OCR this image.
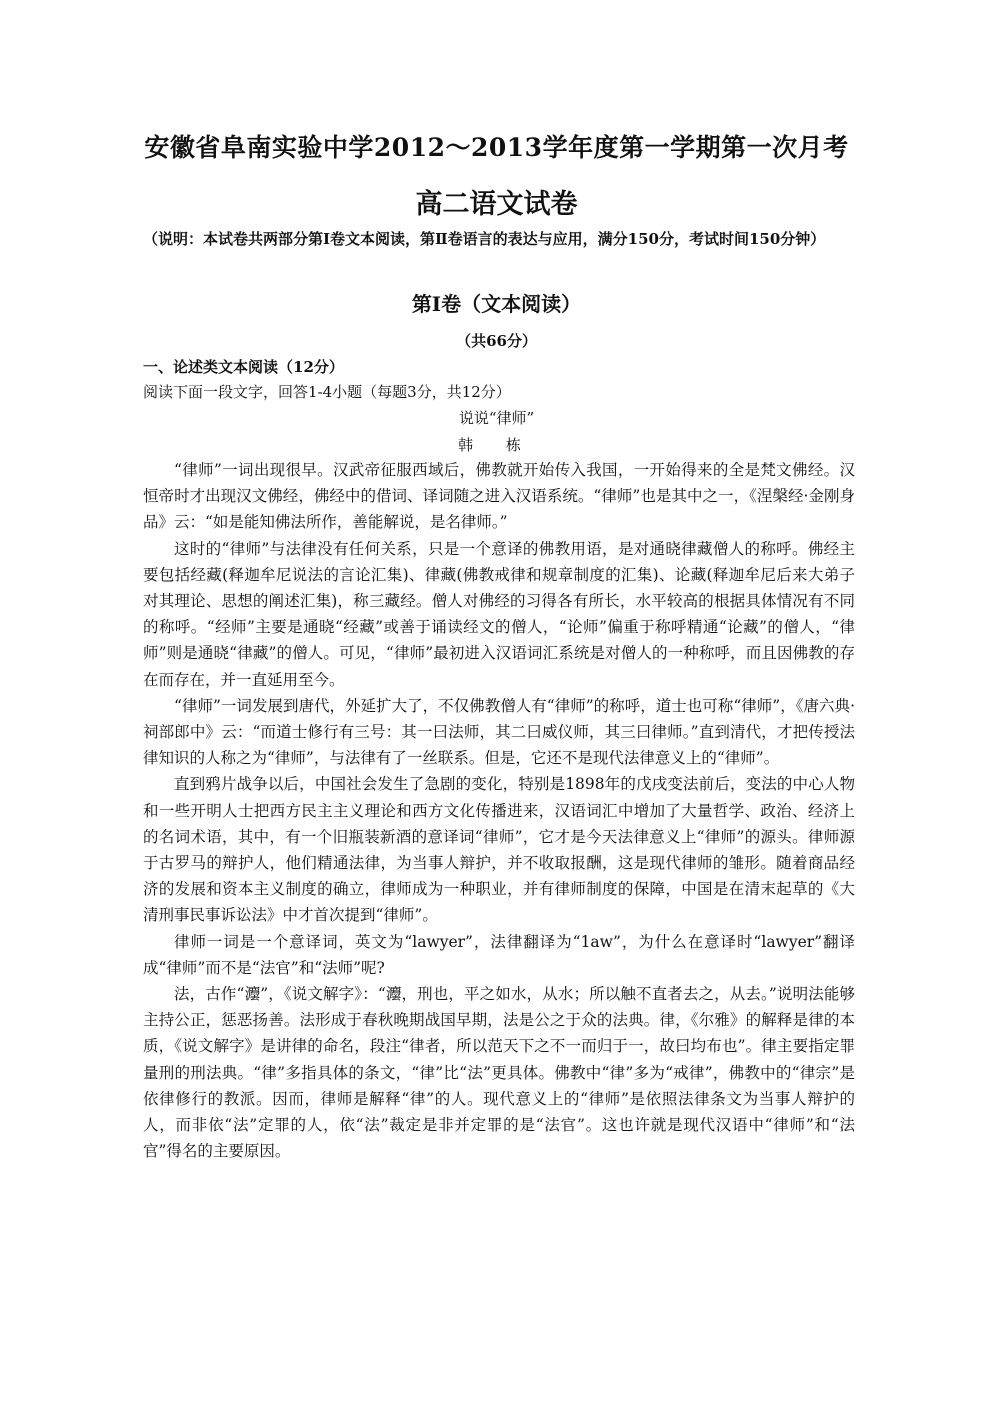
安徽省阜南实验中学2012～2013学年度第一学期第一次月考
高二语文试卷
（说明：本试卷共两部分第Ⅰ卷文本阅读，第Ⅱ卷语言的表达与应用，满分150分，考试时间150分钟）
第Ⅰ卷（文本阅读）
（共66分）
一、论述类文本阅读（12分）
阅读下面一段文字，回答1-4小题（每题3分，共12分）
说说“律师”
韩 栋

“律师”一词出现很早。汉武帝征服西域后，佛教就开始传入我国，一开始得来的全是梵文佛经。汉恒帝时才出现汉文佛经，佛经中的借词、译词随之进入汉语系统。“律师”也是其中之一，《涅槃经·金刚身品》云：“如是能知佛法所作，善能解说，是名律师。”

这时的“律师”与法律没有任何关系，只是一个意译的佛教用语，是对通晓律藏僧人的称呼。佛经主要包括经藏(释迦牟尼说法的言论汇集)、律藏(佛教戒律和规章制度的汇集)、论藏(释迦牟尼后来大弟子对其理论、思想的阐述汇集)，称三藏经。僧人对佛经的习得各有所长，水平较高的根据具体情况有不同的称呼。“经师”主要是通晓“经藏”或善于诵读经文的僧人，“论师”偏重于称呼精通“论藏”的僧人，“律师”则是通晓“律藏”的僧人。可见，“律师”最初进入汉语词汇系统是对僧人的一种称呼，而且因佛教的存在而存在，并一直延用至今。

“律师”一词发展到唐代，外延扩大了，不仅佛教僧人有“律师”的称呼，道士也可称“律师”，《唐六典·祠部郎中》云：“而道士修行有三号：其一曰法师，其二曰威仪师，其三曰律师。”直到清代，才把传授法律知识的人称之为“律师”，与法律有了一丝联系。但是，它还不是现代法律意义上的“律师”。

直到鸦片战争以后，中国社会发生了急剧的变化，特别是1898年的戊戌变法前后，变法的中心人物和一些开明人士把西方民主主义理论和西方文化传播进来，汉语词汇中增加了大量哲学、政治、经济上的名词术语，其中，有一个旧瓶装新酒的意译词“律师”，它才是今天法律意义上“律师”的源头。律师源于古罗马的辩护人，他们精通法律，为当事人辩护，并不收取报酬，这是现代律师的雏形。随着商品经济的发展和资本主义制度的确立，律师成为一种职业，并有律师制度的保障，中国是在清末起草的《大清刑事民事诉讼法》中才首次提到“律师”。

律师一词是一个意译词，英文为“lawyer”，法律翻译为“1aw”，为什么在意译时“lawyer”翻译成“律师”而不是“法官”和“法师”呢?

法，古作“灋”，《说文解字》：“灋，刑也，平之如水，从水；所以触不直者去之，从去。”说明法能够主持公正，惩恶扬善。法形成于春秋晚期战国早期，法是公之于众的法典。律，《尔雅》的解释是律的本质，《说文解字》是讲律的命名，段注“律者，所以范天下之不一而归于一，故曰均布也”。律主要指定罪量刑的刑法典。“律”多指具体的条文，“律”比“法”更具体。佛教中“律”多为“戒律”，佛教中的“律宗”是依律修行的教派。因而，律师是解释“律”的人。现代意义上的“律师”是依照法律条文为当事人辩护的人，而非依“法”定罪的人，依“法”裁定是非并定罪的是“法官”。这也许就是现代汉语中“律师”和“法官”得名的主要原因。
